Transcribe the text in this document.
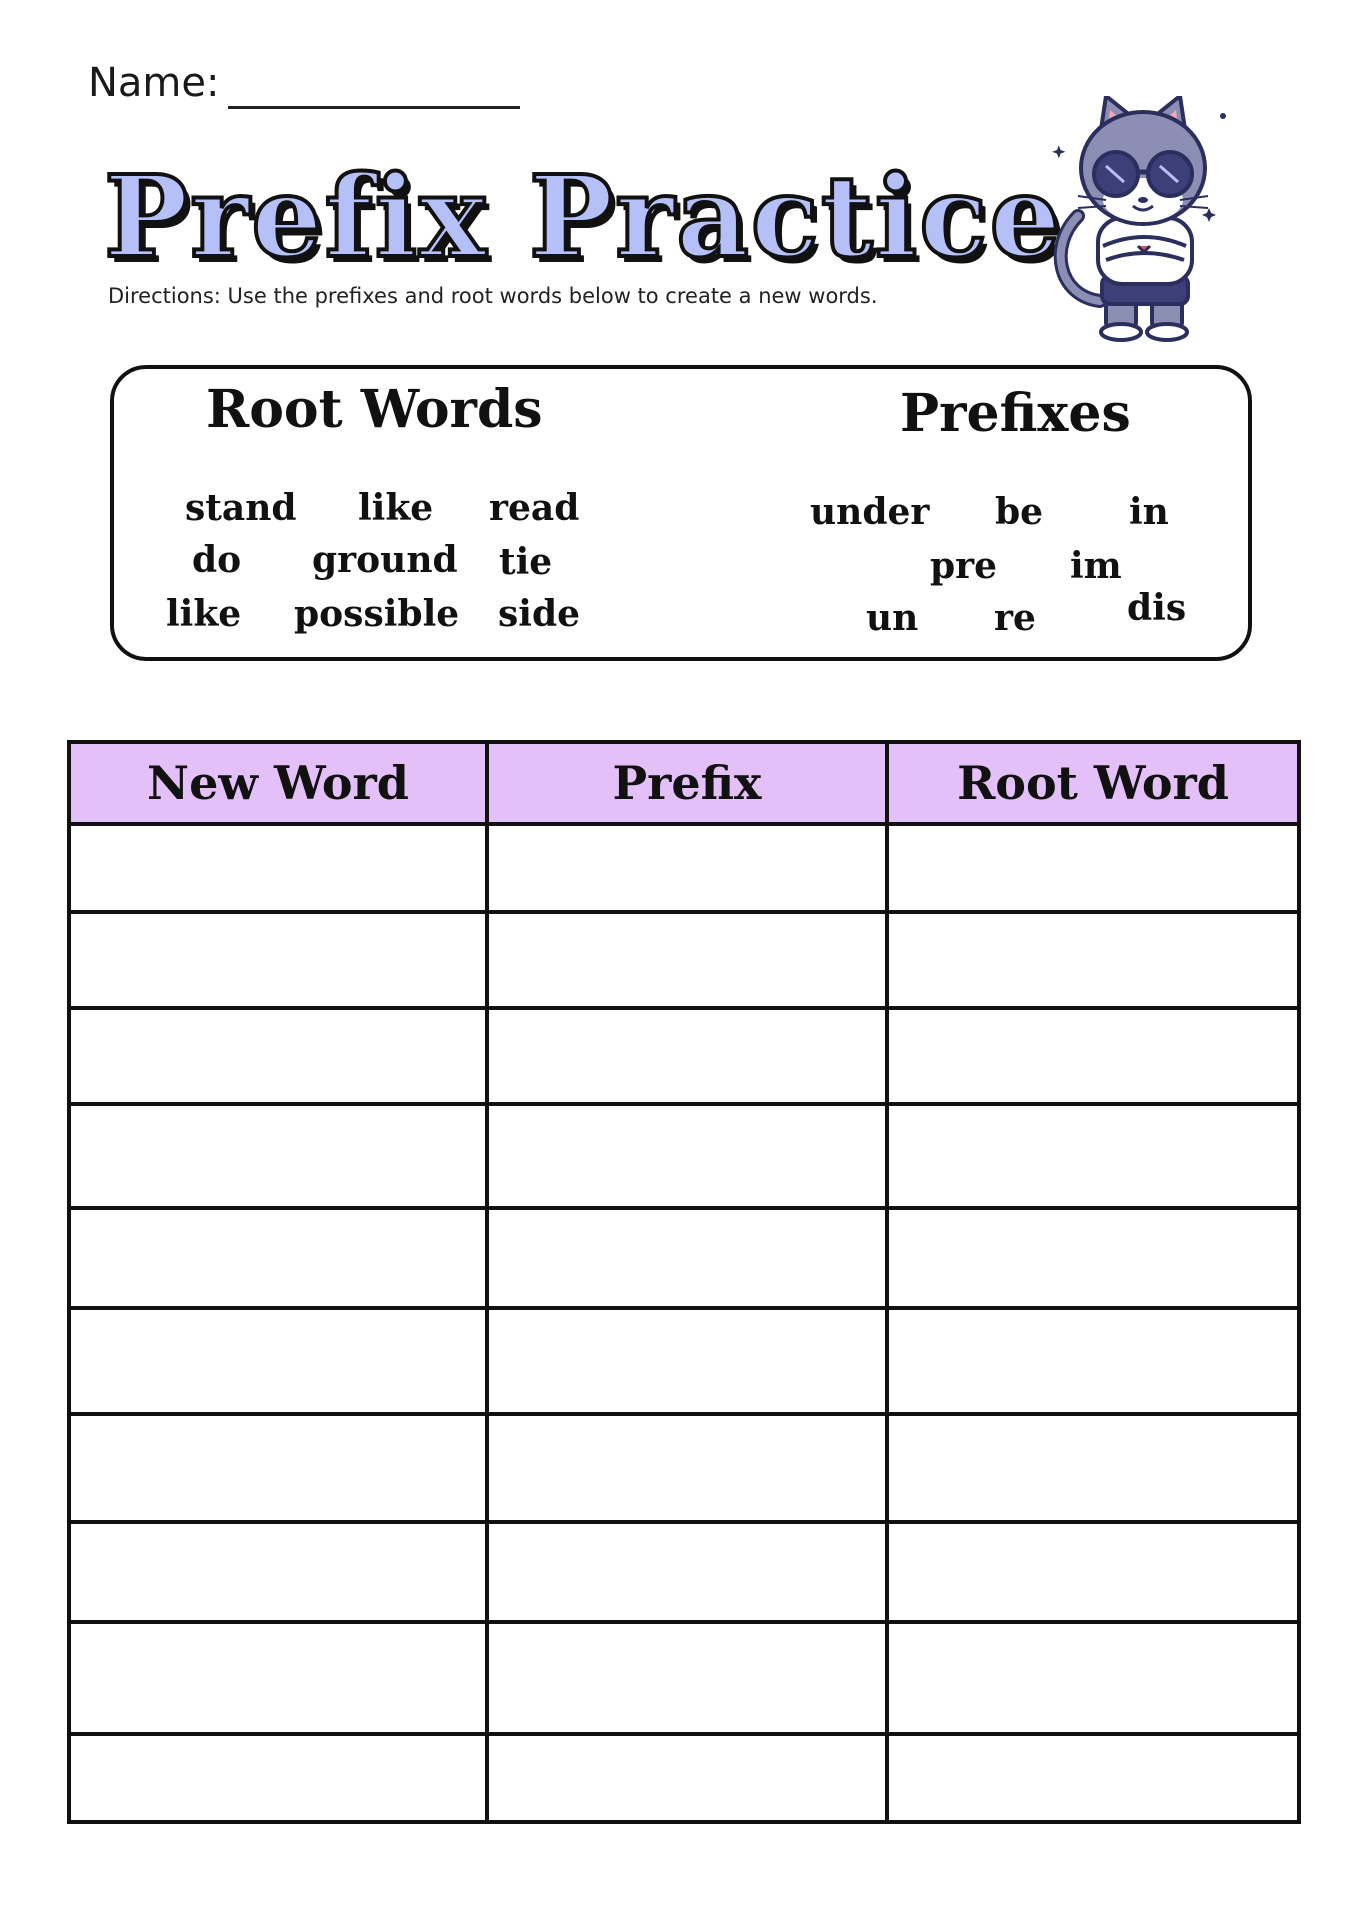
Name:
Prefix Practice
Directions: Use the prefixes and root words below to create a new words.
Root Words	Prefixes
stand like read
do ground tie
like possible side
under be in
pre im
un re	dis
New Word	Prefix	Root Word
